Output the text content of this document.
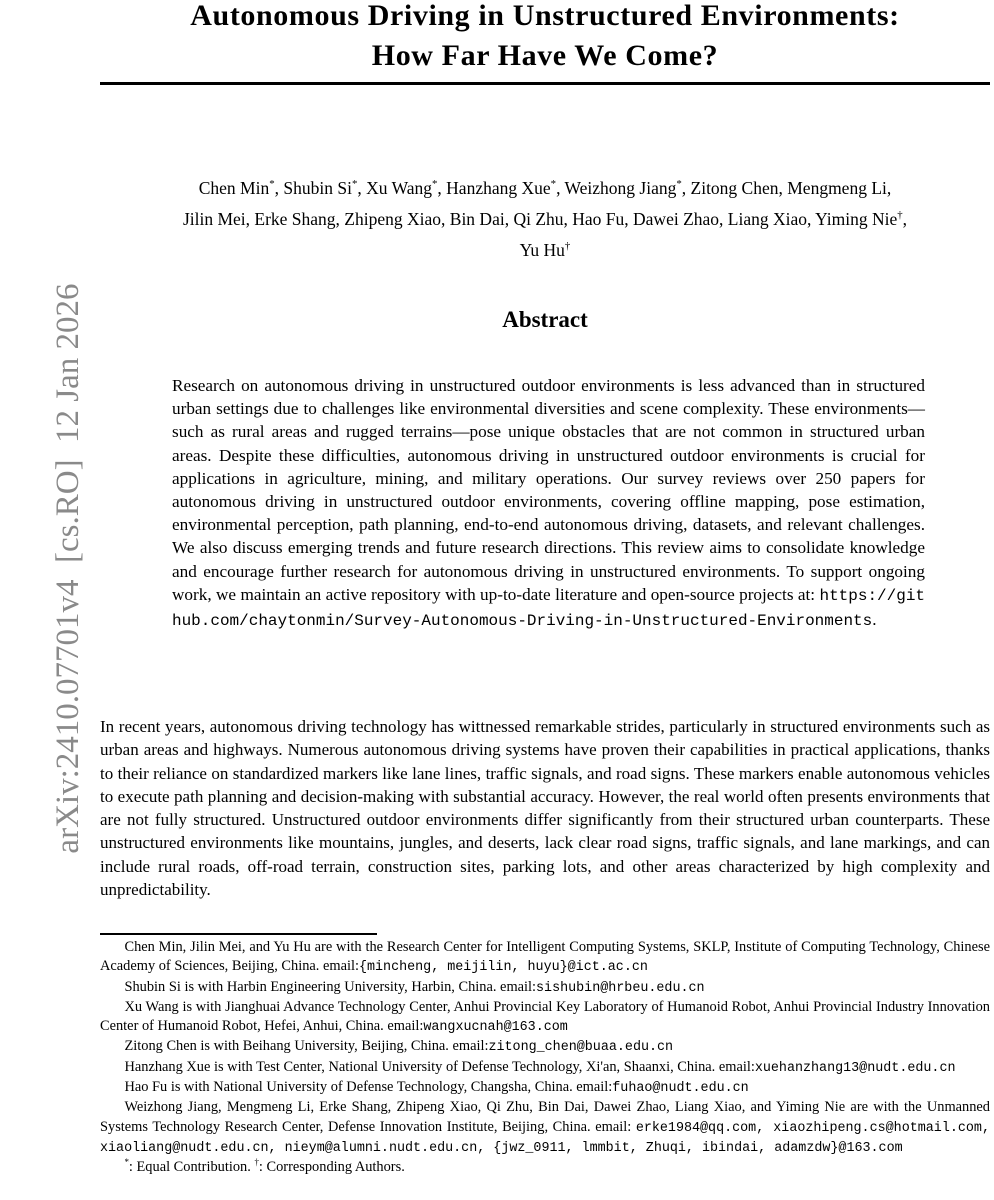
arXiv:2410.07701v4  [cs.RO]  12 Jan 2026

Autonomous Driving in Unstructured Environments:
How Far Have We Come?
Chen Min*, Shubin Si*, Xu Wang*, Hanzhang Xue*, Weizhong Jiang*, Zitong Chen, Mengmeng Li,
Jilin Mei, Erke Shang, Zhipeng Xiao, Bin Dai, Qi Zhu, Hao Fu, Dawei Zhao, Liang Xiao, Yiming Nie†,
Yu Hu†
Abstract
Research on autonomous driving in unstructured outdoor environments is less advanced than in structured urban settings due to challenges like environmental diversities and scene complexity. These environments—such as rural areas and rugged terrains—pose unique obstacles that are not common in structured urban areas. Despite these difficulties, autonomous driving in unstructured outdoor environments is crucial for applications in agriculture, mining, and military operations. Our survey reviews over 250 papers for autonomous driving in unstructured outdoor environments, covering offline mapping, pose estimation, environmental perception, path planning, end-to-end autonomous driving, datasets, and relevant challenges. We also discuss emerging trends and future research directions. This review aims to consolidate knowledge and encourage further research for autonomous driving in unstructured environments. To support ongoing work, we maintain an active repository with up-to-date literature and open-source projects at: https://github.com/chaytonmin/Survey-Autonomous-Driving-in-Unstructured-Environments.
In recent years, autonomous driving technology has wittnessed remarkable strides, particularly in structured environments such as urban areas and highways. Numerous autonomous driving systems have proven their capabilities in practical applications, thanks to their reliance on standardized markers like lane lines, traffic signals, and road signs. These markers enable autonomous vehicles to execute path planning and decision-making with substantial accuracy. However, the real world often presents environments that are not fully structured. Unstructured outdoor environments differ significantly from their structured urban counterparts. These unstructured environments like mountains, jungles, and deserts, lack clear road signs, traffic signals, and lane markings, and can include rural roads, off-road terrain, construction sites, parking lots, and other areas characterized by high complexity and unpredictability.
Chen Min, Jilin Mei, and Yu Hu are with the Research Center for Intelligent Computing Systems, SKLP, Institute of Computing Technology, Chinese Academy of Sciences, Beijing, China. email:{mincheng, meijilin, huyu}@ict.ac.cn
Shubin Si is with Harbin Engineering University, Harbin, China. email:sishubin@hrbeu.edu.cn
Xu Wang is with Jianghuai Advance Technology Center, Anhui Provincial Key Laboratory of Humanoid Robot, Anhui Provincial Industry Innovation Center of Humanoid Robot, Hefei, Anhui, China. email:wangxucnah@163.com
Zitong Chen is with Beihang University, Beijing, China. email:zitong_chen@buaa.edu.cn
Hanzhang Xue is with Test Center, National University of Defense Technology, Xi'an, Shaanxi, China. email:xuehanzhang13@nudt.edu.cn
Hao Fu is with National University of Defense Technology, Changsha, China. email:fuhao@nudt.edu.cn
Weizhong Jiang, Mengmeng Li, Erke Shang, Zhipeng Xiao, Qi Zhu, Bin Dai, Dawei Zhao, Liang Xiao, and Yiming Nie are with the Unmanned Systems Technology Research Center, Defense Innovation Institute, Beijing, China. email: erke1984@qq.com, xiaozhipeng.cs@hotmail.com, xiaoliang@nudt.edu.cn, nieym@alumni.nudt.edu.cn, {jwz_0911, lmmbit, Zhuqi, ibindai, adamzdw}@163.com
*: Equal Contribution. †: Corresponding Authors.
